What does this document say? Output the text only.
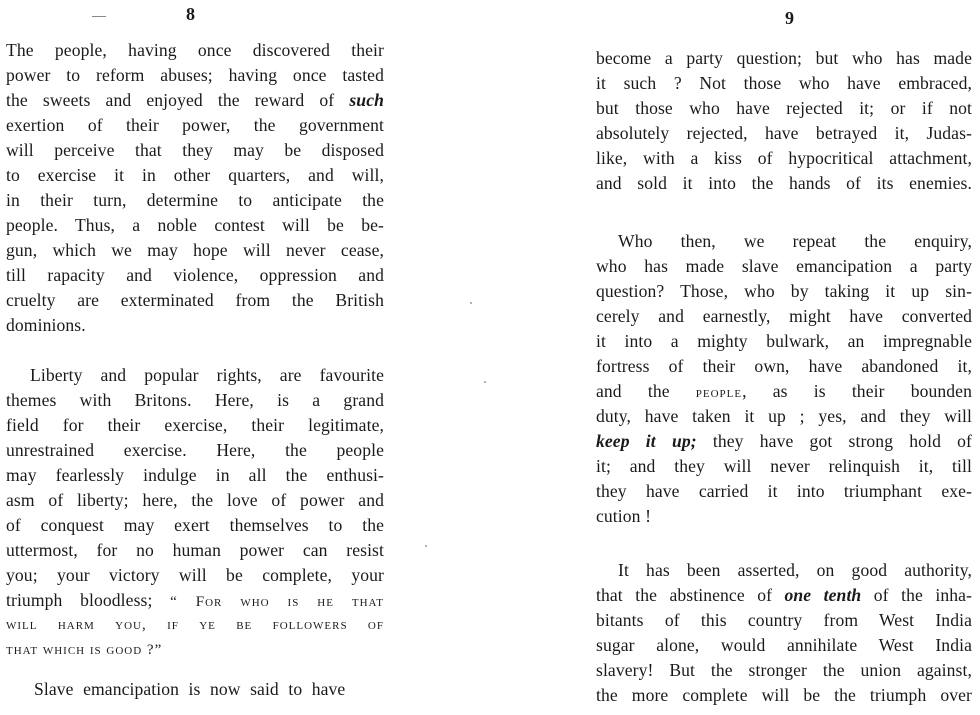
8
The people, having once discovered their
power to reform abuses; having once tasted
the sweets and enjoyed the reward of such
exertion of their power, the government
will perceive that they may be disposed
to exercise it in other quarters, and will,
in their turn, determine to anticipate the
people. Thus, a noble contest will be be-
gun, which we may hope will never cease,
till rapacity and violence, oppression and
cruelty are exterminated from the British
dominions.
Liberty and popular rights, are favourite
themes with Britons. Here, is a grand
field for their exercise, their legitimate,
unrestrained exercise. Here, the people
may fearlessly indulge in all the enthusi-
asm of liberty; here, the love of power and
of conquest may exert themselves to the
uttermost, for no human power can resist
you; your victory will be complete, your
triumph bloodless; “ For who is he that
will harm you, if ye be followers of
that which is good ?”
Slave emancipation is now said to have
9
become a party question; but who has made
it such ? Not those who have embraced,
but those who have rejected it; or if not
absolutely rejected, have betrayed it, Judas-
like, with a kiss of hypocritical attachment,
and sold it into the hands of its enemies.
Who then, we repeat the enquiry,
who has made slave emancipation a party
question? Those, who by taking it up sin-
cerely and earnestly, might have converted
it into a mighty bulwark, an impregnable
fortress of their own, have abandoned it,
and the people, as is their bounden
duty, have taken it up ; yes, and they will
keep it up; they have got strong hold of
it; and they will never relinquish it, till
they have carried it into triumphant exe-
cution !
It has been asserted, on good authority,
that the abstinence of one tenth of the inha-
bitants of this country from West India
sugar alone, would annihilate West India
slavery! But the stronger the union against,
the more complete will be the triumph over
